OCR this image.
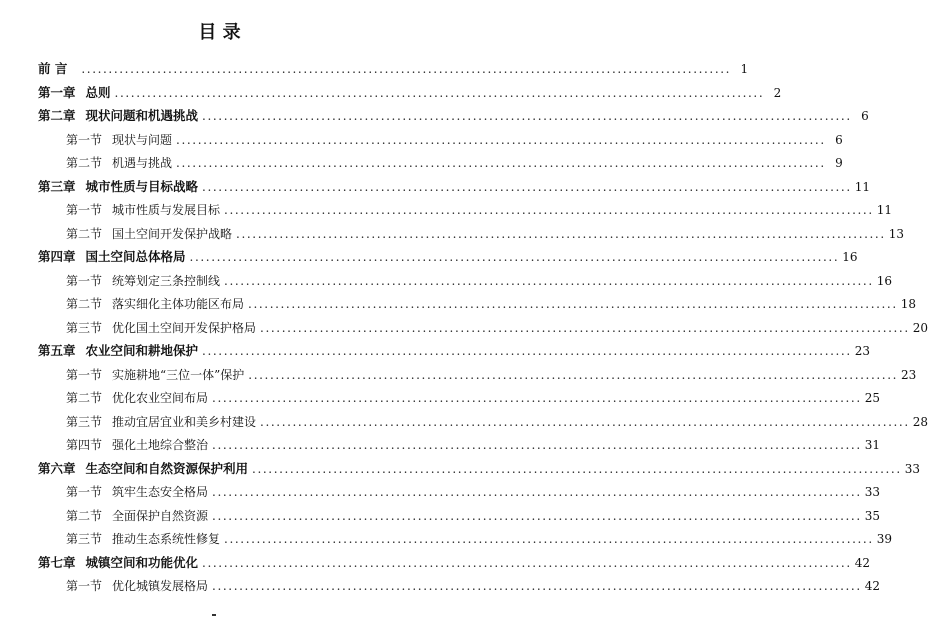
目 录
前 言	........................................................................................................................ 1
第一章 总则 ........................................................................................................................ 2
第二章 现状问题和机遇挑战 ........................................................................................................................ 6
第一节 现状与问题 ........................................................................................................................ 6
第二节 机遇与挑战 ........................................................................................................................ 9
第三章 城市性质与目标战略 ........................................................................................................................ 11
第一节 城市性质与发展目标 ........................................................................................................................ 11
第二节 国土空间开发保护战略 ........................................................................................................................ 13
第四章 国土空间总体格局 ........................................................................................................................ 16
第一节 统筹划定三条控制线 ........................................................................................................................ 16
第二节 落实细化主体功能区布局 ........................................................................................................................ 18
第三节 优化国土空间开发保护格局 ........................................................................................................................ 20
第五章 农业空间和耕地保护 ........................................................................................................................ 23
第一节 实施耕地“三位一体”保护 ........................................................................................................................ 23
第二节 优化农业空间布局 ........................................................................................................................ 25
第三节 推动宜居宜业和美乡村建设 ........................................................................................................................ 28
第四节 强化土地综合整治 ........................................................................................................................ 31
第六章 生态空间和自然资源保护利用 ........................................................................................................................ 33
第一节 筑牢生态安全格局 ........................................................................................................................ 33
第二节 全面保护自然资源 ........................................................................................................................ 35
第三节 推动生态系统性修复 ........................................................................................................................ 39
第七章 城镇空间和功能优化 ........................................................................................................................ 42
第一节 优化城镇发展格局 ........................................................................................................................ 42
